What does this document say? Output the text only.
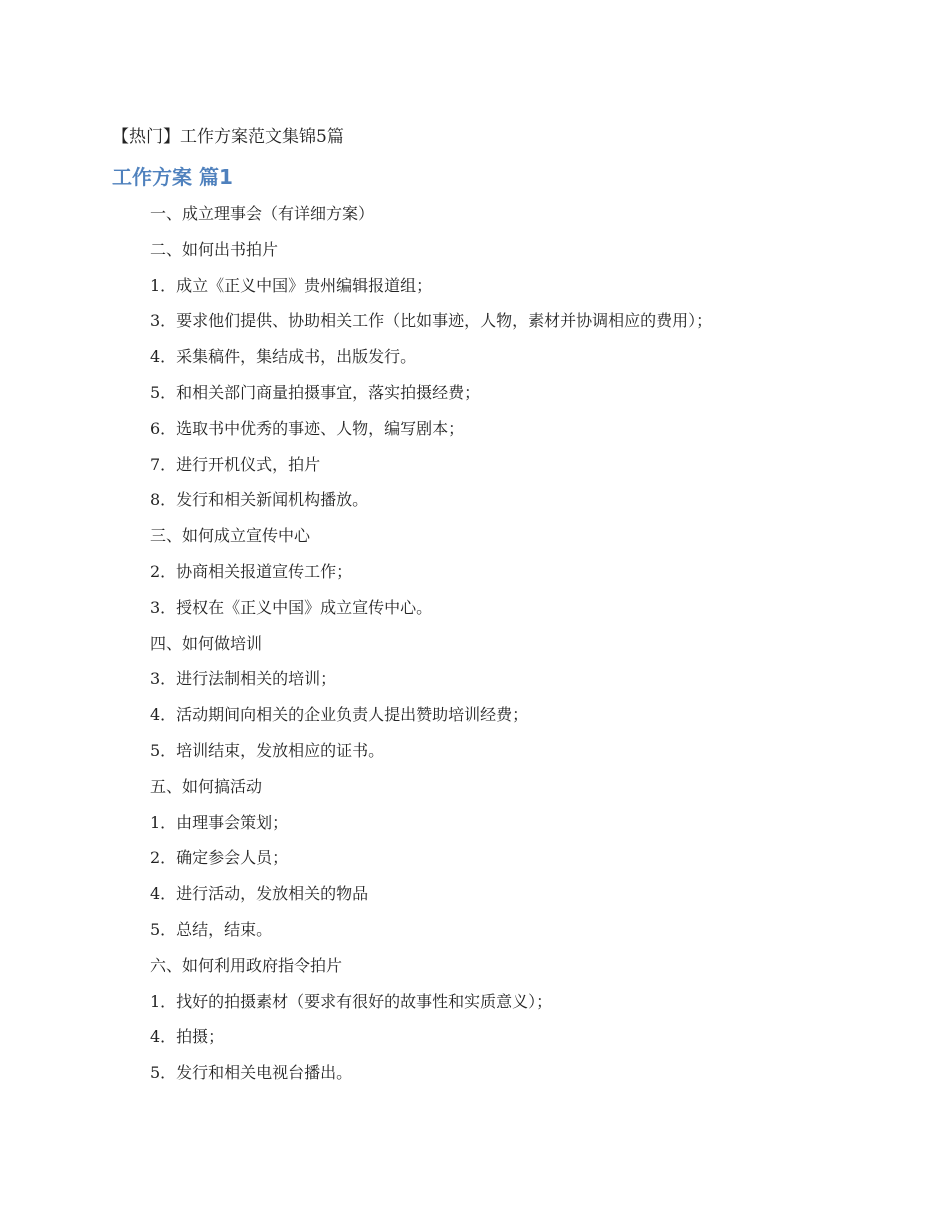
【热门】工作方案范文集锦5篇
工作方案 篇1
一、成立理事会（有详细方案）
二、如何出书拍片
1．成立《正义中国》贵州编辑报道组；
3．要求他们提供、协助相关工作（比如事迹，人物，素材并协调相应的费用）；
4．采集稿件，集结成书，出版发行。
5．和相关部门商量拍摄事宜，落实拍摄经费；
6．选取书中优秀的事迹、人物，编写剧本；
7．进行开机仪式，拍片
8．发行和相关新闻机构播放。
三、如何成立宣传中心
2．协商相关报道宣传工作；
3．授权在《正义中国》成立宣传中心。
四、如何做培训
3．进行法制相关的培训；
4．活动期间向相关的企业负责人提出赞助培训经费；
5．培训结束，发放相应的证书。
五、如何搞活动
1．由理事会策划；
2．确定参会人员；
4．进行活动，发放相关的物品
5．总结，结束。
六、如何利用政府指令拍片
1．找好的拍摄素材（要求有很好的故事性和实质意义）；
4．拍摄；
5．发行和相关电视台播出。
